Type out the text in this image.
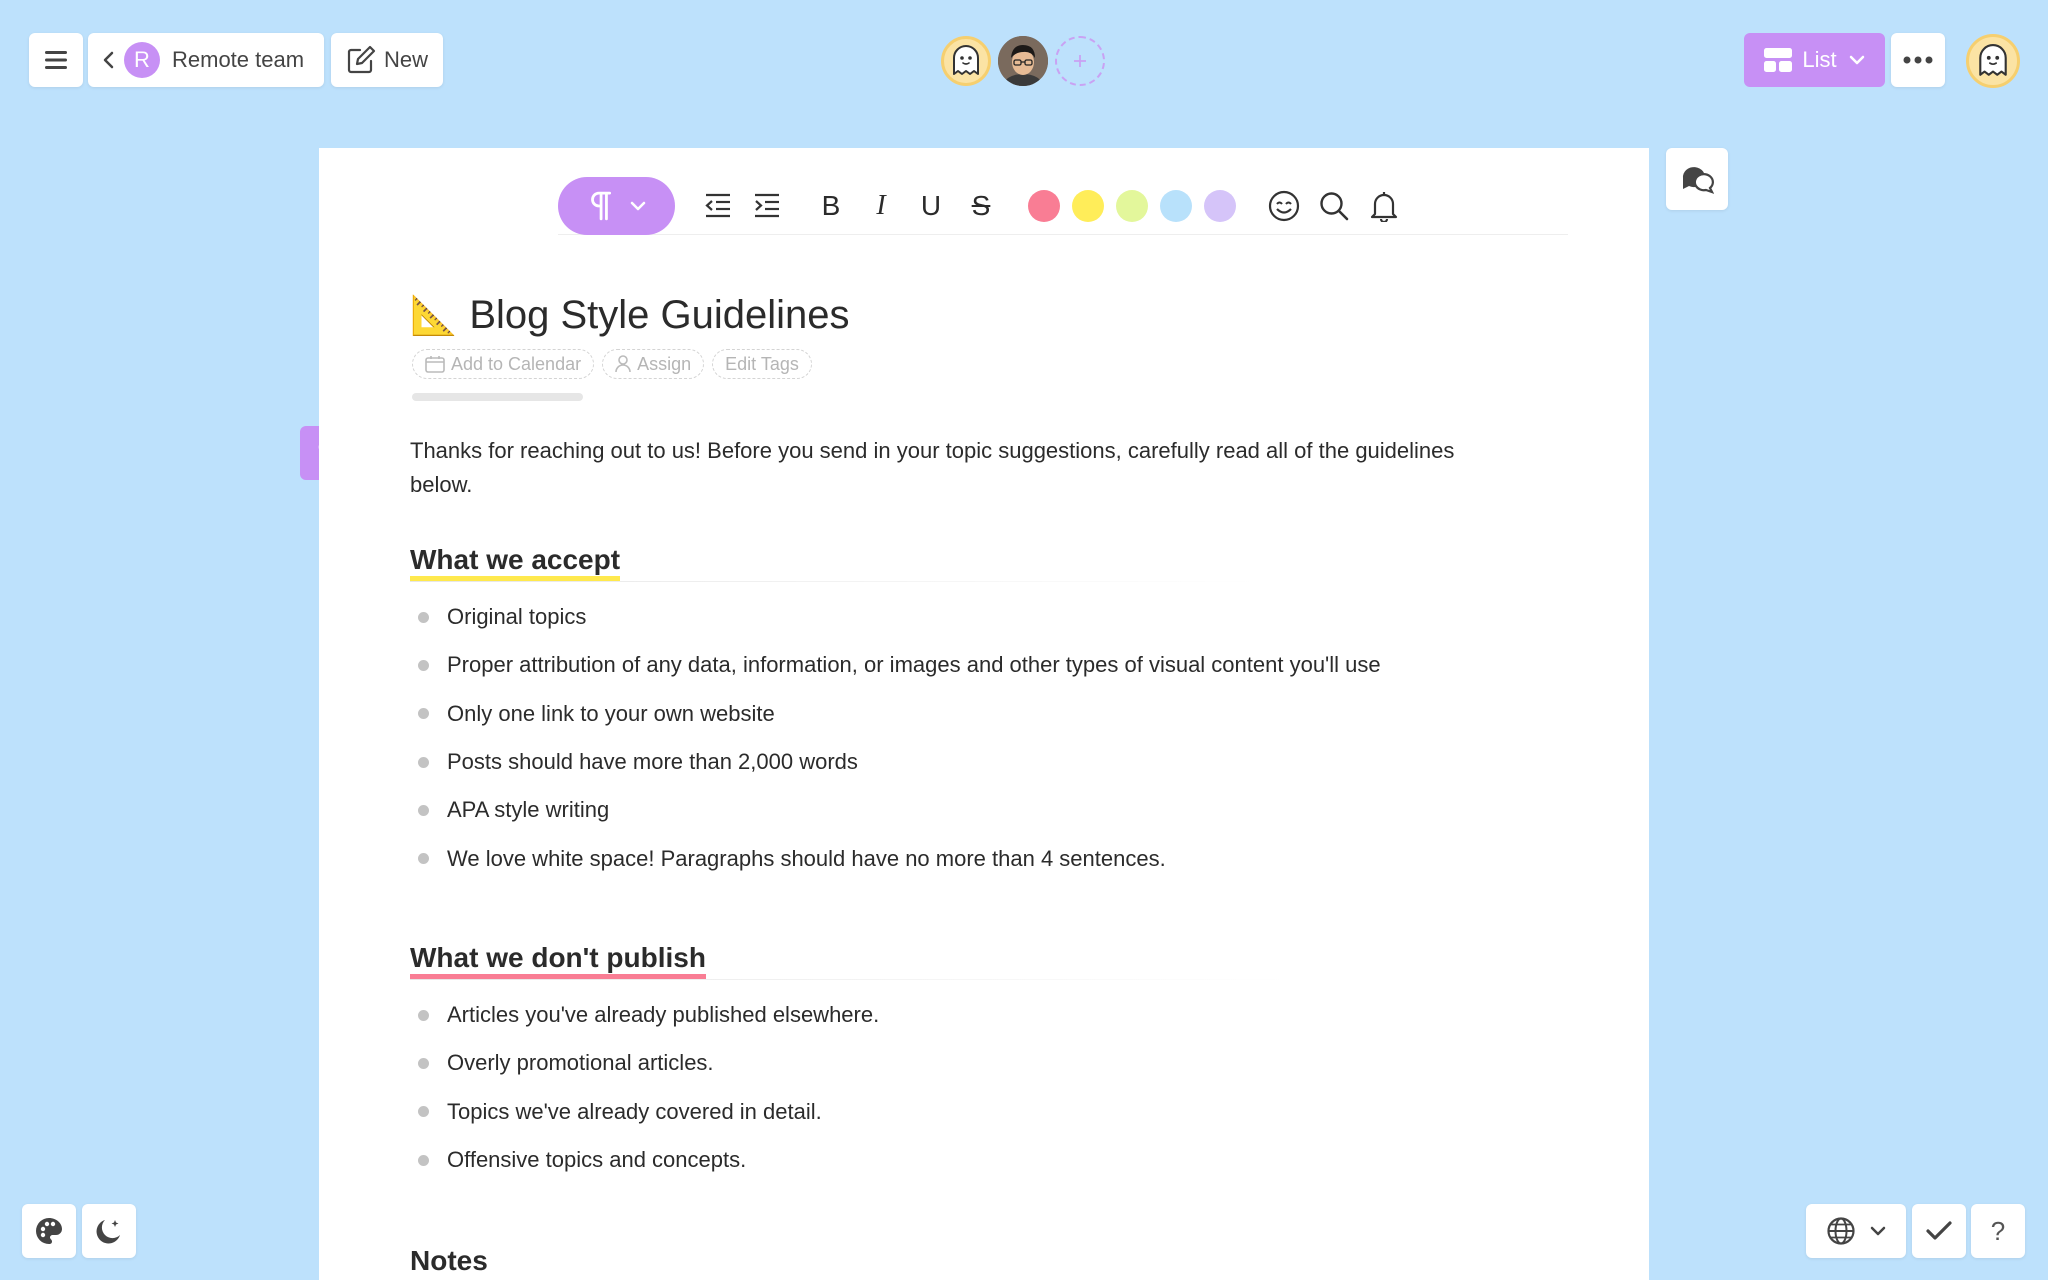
R	Remote team	New	List
B	I	U	S
📐 Blog Style Guidelines
Add to Calendar	Assign Edit Tags

Thanks for reaching out to us! Before you send in your topic suggestions, carefully read all of the guidelines below.

What we accept
Original topics
Proper attribution of any data, information, or images and other types of visual content you'll use
Only one link to your own website
Posts should have more than 2,000 words
APA style writing
We love white space! Paragraphs should have no more than 4 sentences.
What we don't publish
Articles you've already published elsewhere.
Overly promotional articles.
Topics we've already covered in detail.
Offensive topics and concepts.
Notes
?
